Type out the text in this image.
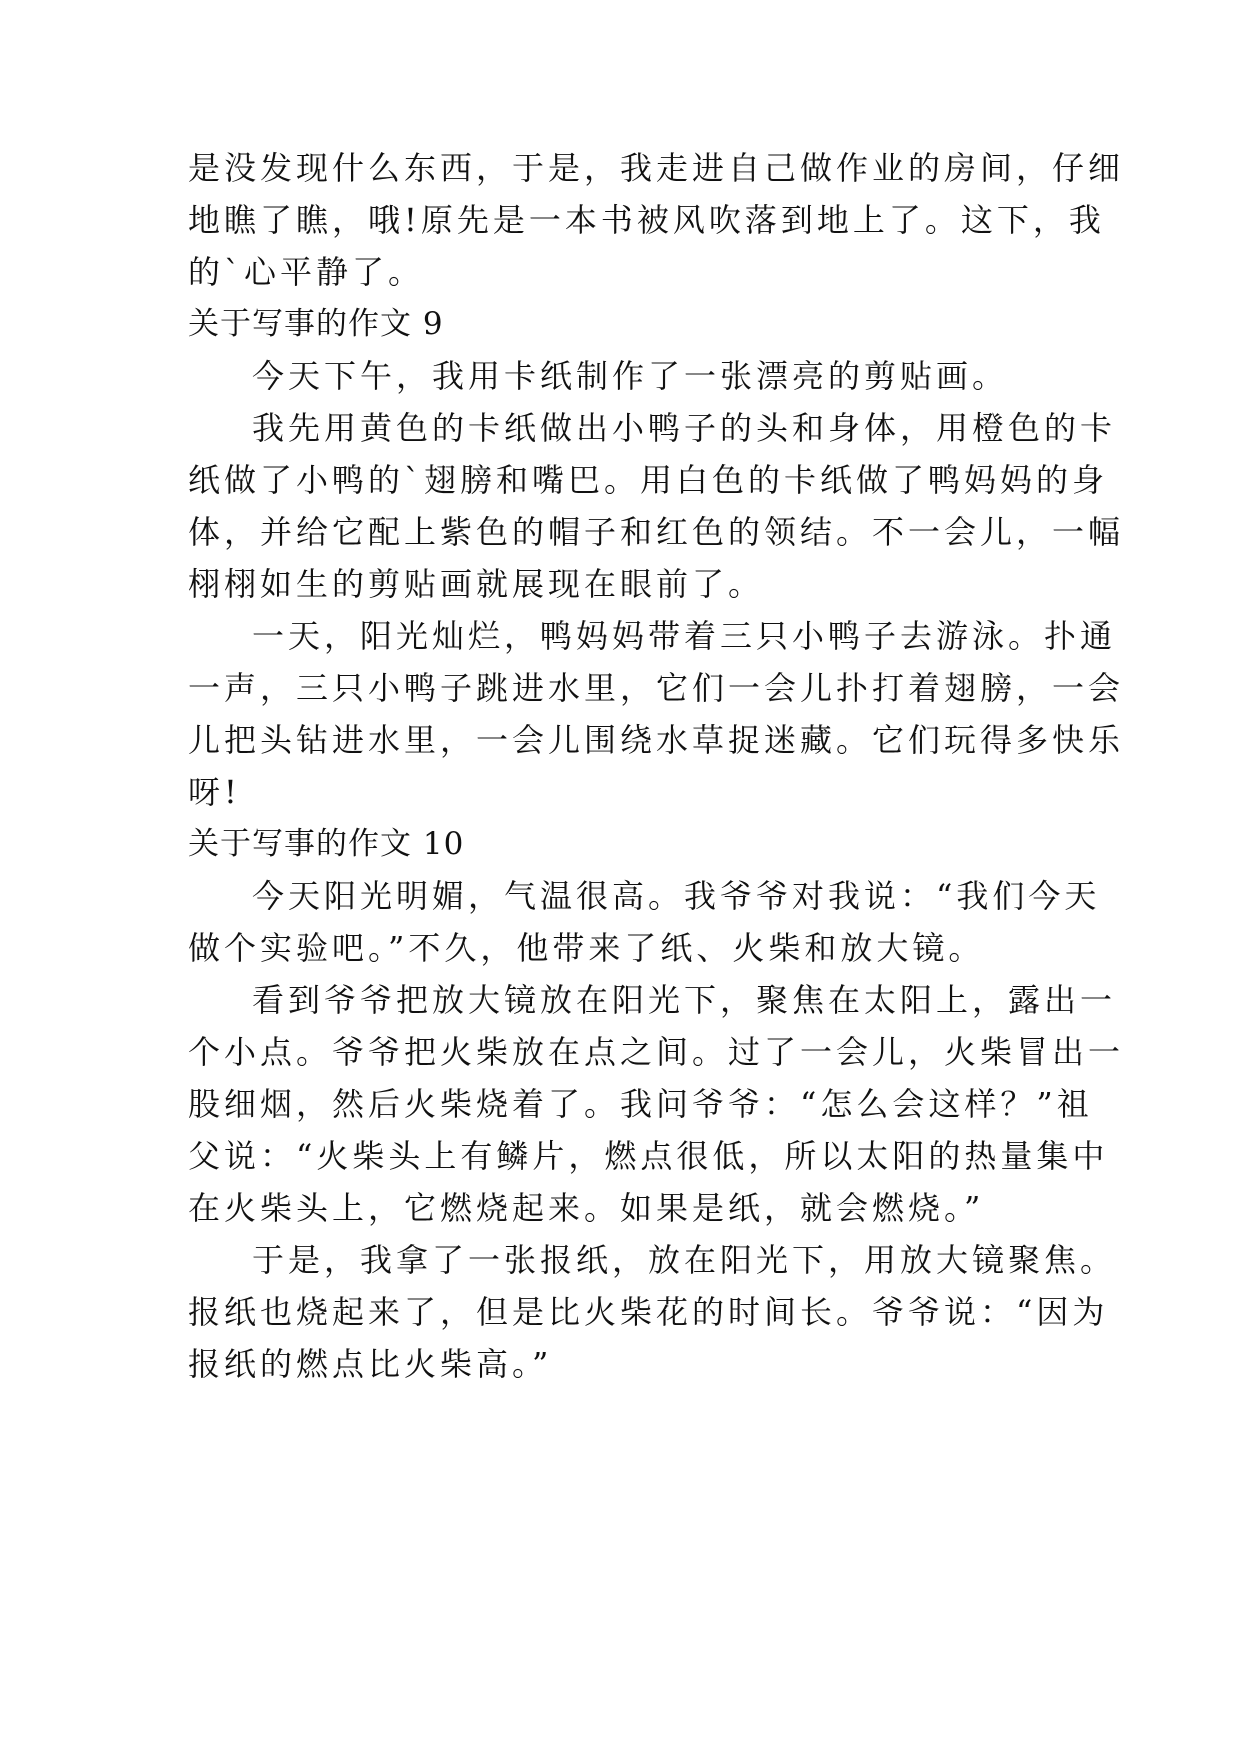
是没发现什么东西，于是，我走进自己做作业的房间，仔细
地瞧了瞧，哦!原先是一本书被风吹落到地上了。这下，我
的`心平静了。
关于写事的作文 9
今天下午，我用卡纸制作了一张漂亮的剪贴画。
我先用黄色的卡纸做出小鸭子的头和身体，用橙色的卡
纸做了小鸭的`翅膀和嘴巴。用白色的卡纸做了鸭妈妈的身
体，并给它配上紫色的帽子和红色的领结。不一会儿，一幅
栩栩如生的剪贴画就展现在眼前了。
一天，阳光灿烂，鸭妈妈带着三只小鸭子去游泳。扑通
一声，三只小鸭子跳进水里，它们一会儿扑打着翅膀，一会
儿把头钻进水里，一会儿围绕水草捉迷藏。它们玩得多快乐
呀!
关于写事的作文 10
今天阳光明媚，气温很高。我爷爷对我说：“我们今天
做个实验吧。”不久，他带来了纸、火柴和放大镜。
看到爷爷把放大镜放在阳光下，聚焦在太阳上，露出一
个小点。爷爷把火柴放在点之间。过了一会儿，火柴冒出一
股细烟，然后火柴烧着了。我问爷爷：“怎么会这样？”祖
父说：“火柴头上有鳞片，燃点很低，所以太阳的热量集中
在火柴头上，它燃烧起来。如果是纸，就会燃烧。”
于是，我拿了一张报纸，放在阳光下，用放大镜聚焦。
报纸也烧起来了，但是比火柴花的时间长。爷爷说：“因为
报纸的燃点比火柴高。”
